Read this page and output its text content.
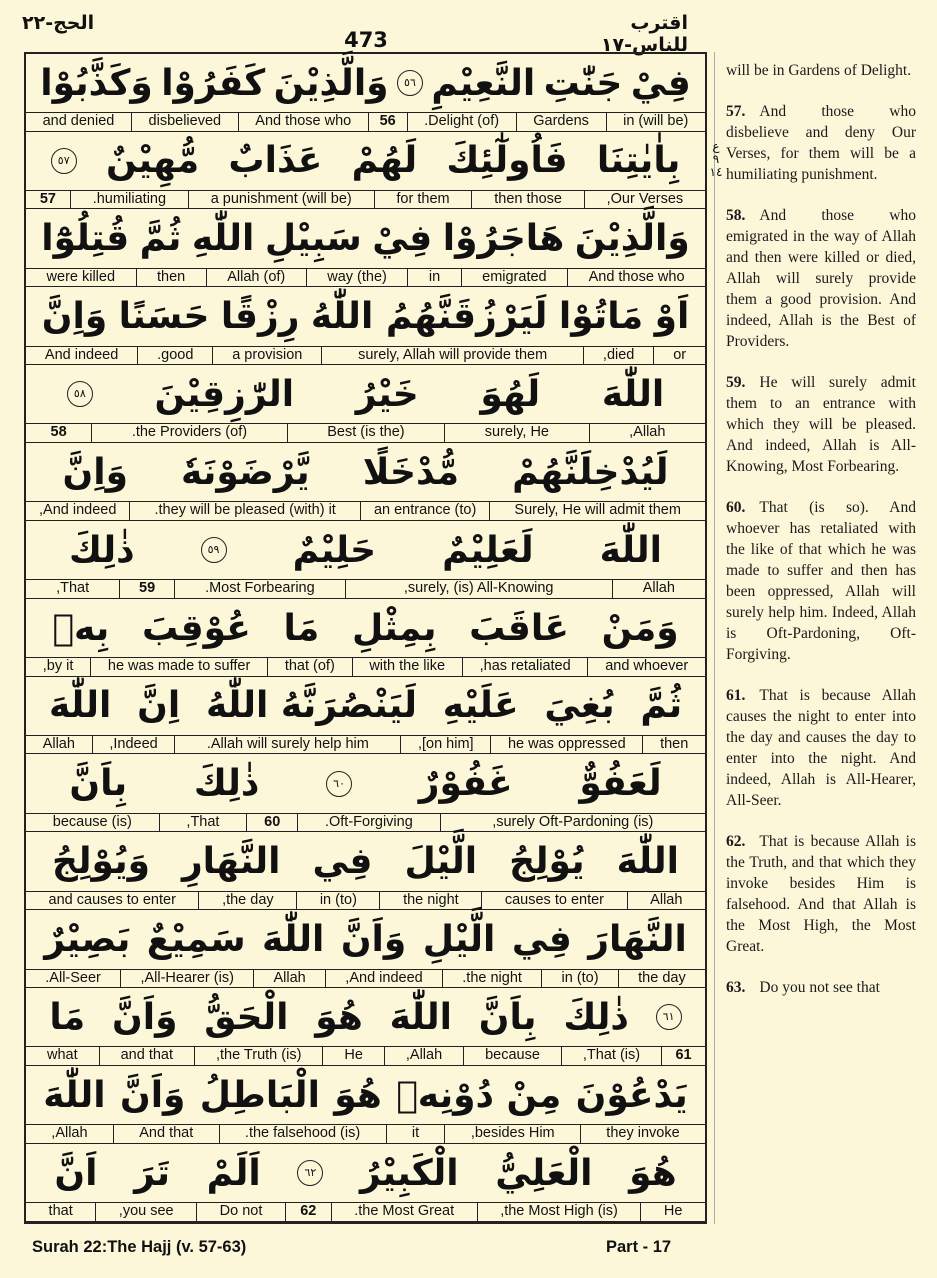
الحج-٢٢
473
اقترب للناس-١٧
فِيْ
جَنّٰتِ
النَّعِيْمِ
٥٦
وَالَّذِيْنَ
كَفَرُوْا
وَكَذَّبُوْا
(will be) in
Gardens
(of) Delight.
56
And those who
disbelieved
and denied
بِاٰيٰتِنَا
فَاُولٰٓئِكَ
لَهُمْ
عَذَابٌ
مُّهِيْنٌ
٥٧
Our Verses,
then those
for them
(will be) a punishment
humiliating.
57
وَالَّذِيْنَ
هَاجَرُوْا
فِيْ
سَبِيْلِ
اللّٰهِ
ثُمَّ
قُتِلُوْٓا
And those who
emigrated
in
(the) way
(of) Allah
then
were killed
اَوْ
مَاتُوْا
لَيَرْزُقَنَّهُمُ اللّٰهُ
رِزْقًا
حَسَنًا
وَاِنَّ
or
died,
surely, Allah will provide them
a provision
good.
And indeed
اللّٰهَ
لَهُوَ
خَيْرُ
الرّٰزِقِيْنَ
٥٨
Allah,
surely, He
(is the) Best
(of) the Providers.
58
لَيُدْخِلَنَّهُمْ
مُّدْخَلًا
يَّرْضَوْنَهٗ
وَاِنَّ
Surely, He will admit them
(to) an entrance
they will be pleased (with) it.
And indeed,
اللّٰهَ
لَعَلِيْمٌ
حَلِيْمٌ
٥٩
ذٰلِكَ
Allah
surely, (is) All-Knowing,
Most Forbearing.
59
That,
وَمَنْ
عَاقَبَ
بِمِثْلِ
مَا
عُوْقِبَ
بِهٖ
and whoever
has retaliated,
with the like
(of) that
he was made to suffer
by it,
ثُمَّ
بُغِيَ
عَلَيْهِ
لَيَنْصُرَنَّهُ اللّٰهُ
اِنَّ
اللّٰهَ
then
he was oppressed
[on him],
Allah will surely help him.
Indeed,
Allah
لَعَفُوٌّ
غَفُوْرٌ
٦٠
ذٰلِكَ
بِاَنَّ
(is) surely Oft-Pardoning,
Oft-Forgiving.
60
That,
(is) because
اللّٰهَ
يُوْلِجُ
الَّيْلَ
فِي
النَّهَارِ
وَيُوْلِجُ
Allah
causes to enter
the night
in (to)
the day,
and causes to enter
النَّهَارَ
فِي
الَّيْلِ
وَاَنَّ
اللّٰهَ
سَمِيْعٌ
بَصِيْرٌ
the day
in (to)
the night.
And indeed,
Allah
(is) All-Hearer,
All-Seer.
٦١
ذٰلِكَ
بِاَنَّ
اللّٰهَ
هُوَ
الْحَقُّ
وَاَنَّ
مَا
61
That (is),
because
Allah,
He
(is) the Truth,
and that
what
يَدْعُوْنَ
مِنْ دُوْنِهٖ
هُوَ
الْبَاطِلُ
وَاَنَّ
اللّٰهَ
they invoke
besides Him,
it
(is) the falsehood.
And that
Allah,
هُوَ
الْعَلِيُّ
الْكَبِيْرُ
٦٢
اَلَمْ
تَرَ
اَنَّ
He
(is) the Most High,
the Most Great.
62
Do not
you see,
that
ع ٩ ١٤

will be in Gardens of Delight.

57. And those who disbelieve and deny Our Verses, for them will be a humiliating punishment.

58. And those who emigrated in the way of Allah and then were killed or died, Allah will surely provide them a good provision. And indeed, Allah is the Best of Providers.

59. He will surely admit them to an entrance with which they will be pleased. And indeed, Allah is All-Knowing, Most Forbearing.

60. That (is so). And whoever has retaliated with the like of that which he was made to suffer and then has been oppressed, Allah will surely help him. Indeed, Allah is Oft-Pardoning, Oft-Forgiving.

61. That is because Allah causes the night to enter into the day and causes the day to enter into the night. And indeed, Allah is All-Hearer, All-Seer.

62. That is because Allah is the Truth, and that which they invoke besides Him is falsehood. And that Allah is the Most High, the Most Great.

63. Do you not see that

Surah 22:The Hajj (v. 57-63)	Part - 17
